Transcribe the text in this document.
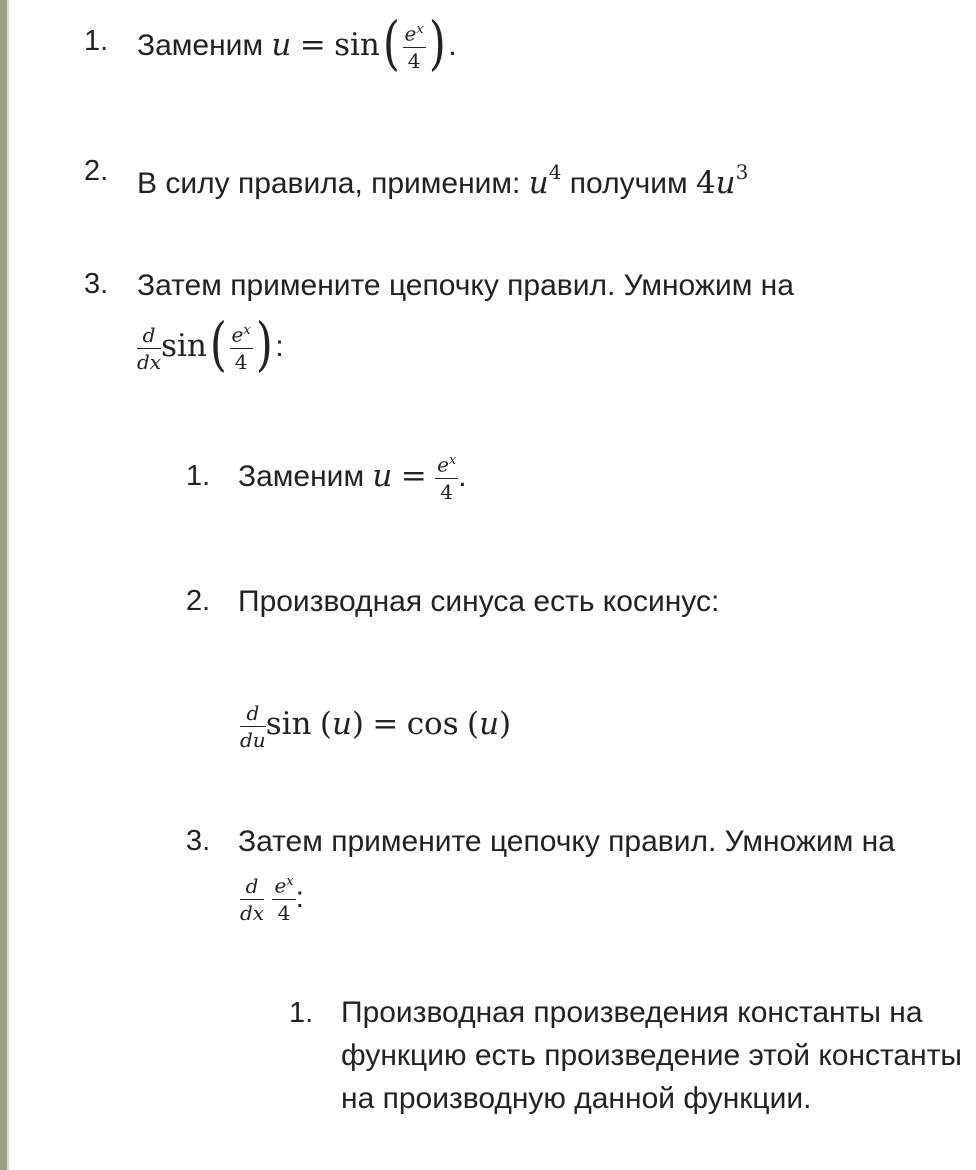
1. Заменим $u = \sin( \frac{e^x}{4}$ ).
2. В силу правила, применим: $u^4$ получим $4u^3$
3. Затем примените цепочку правил. Умножим на
$\frac{d}{dx} \sin( \frac{e^x}{4}$ ):
1. Заменим $u = \frac{e^x}{4}$ .
2. Производная синуса есть косинус:
$\frac{d}{du}$ sin (u) = cos (u)
3. Затем примените цепочку правил. Умножим на
$\frac{d}{dx}$
$\frac{e^x}{4}$ :
1. Производная произведения константы на функцию есть произведение этой константы на производную данной функции.
